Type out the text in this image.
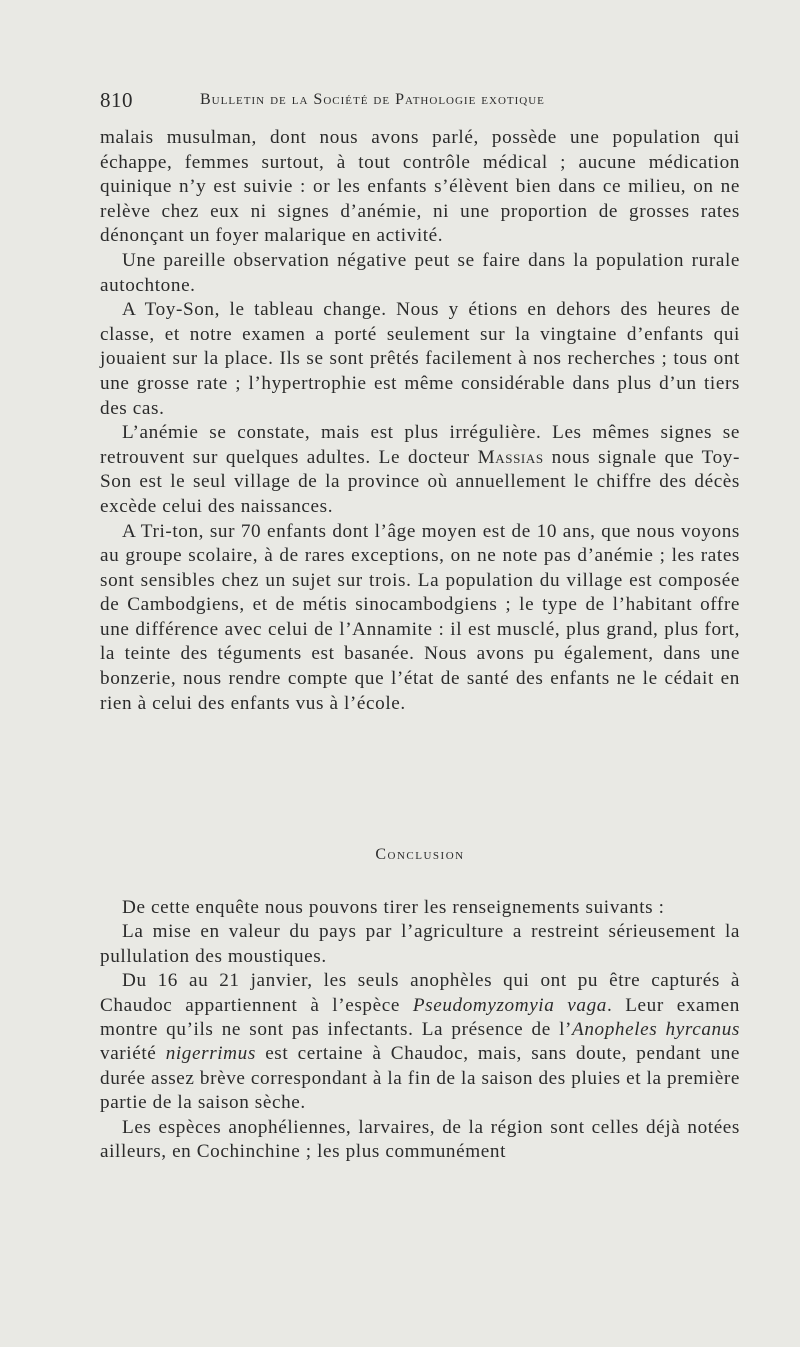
810	Bulletin de la Société de Pathologie exotique

malais musulman, dont nous avons parlé, possède une population qui échappe, femmes surtout, à tout contrôle médical ; aucune médication quinique n’y est suivie : or les enfants s’élèvent bien dans ce milieu, on ne relève chez eux ni signes d’anémie, ni une proportion de grosses rates dénonçant un foyer malarique en activité.

Une pareille observation négative peut se faire dans la population rurale autochtone.

A Toy-Son, le tableau change. Nous y étions en dehors des heures de classe, et notre examen a porté seulement sur la vingtaine d’enfants qui jouaient sur la place. Ils se sont prêtés facilement à nos recherches ; tous ont une grosse rate ; l’hypertrophie est même considérable dans plus d’un tiers des cas.

L’anémie se constate, mais est plus irrégulière. Les mêmes signes se retrouvent sur quelques adultes. Le docteur Massias nous signale que Toy-Son est le seul village de la province où annuellement le chiffre des décès excède celui des naissances.

A Tri-ton, sur 70 enfants dont l’âge moyen est de 10 ans, que nous voyons au groupe scolaire, à de rares exceptions, on ne note pas d’anémie ; les rates sont sensibles chez un sujet sur trois. La population du village est composée de Cambodgiens, et de métis sinocambodgiens ; le type de l’habitant offre une différence avec celui de l’Annamite : il est musclé, plus grand, plus fort, la teinte des téguments est basanée. Nous avons pu également, dans une bonzerie, nous rendre compte que l’état de santé des enfants ne le cédait en rien à celui des enfants vus à l’école.

Conclusion

De cette enquête nous pouvons tirer les renseignements suivants :

La mise en valeur du pays par l’agriculture a restreint sérieusement la pullulation des moustiques.

Du 16 au 21 janvier, les seuls anophèles qui ont pu être capturés à Chaudoc appartiennent à l’espèce Pseudomyzomyia vaga. Leur examen montre qu’ils ne sont pas infectants. La présence de l’Anopheles hyrcanus variété nigerrimus est certaine à Chaudoc, mais, sans doute, pendant une durée assez brève correspondant à la fin de la saison des pluies et la première partie de la saison sèche.

Les espèces anophéliennes, larvaires, de la région sont celles déjà notées ailleurs, en Cochinchine ; les plus communément
